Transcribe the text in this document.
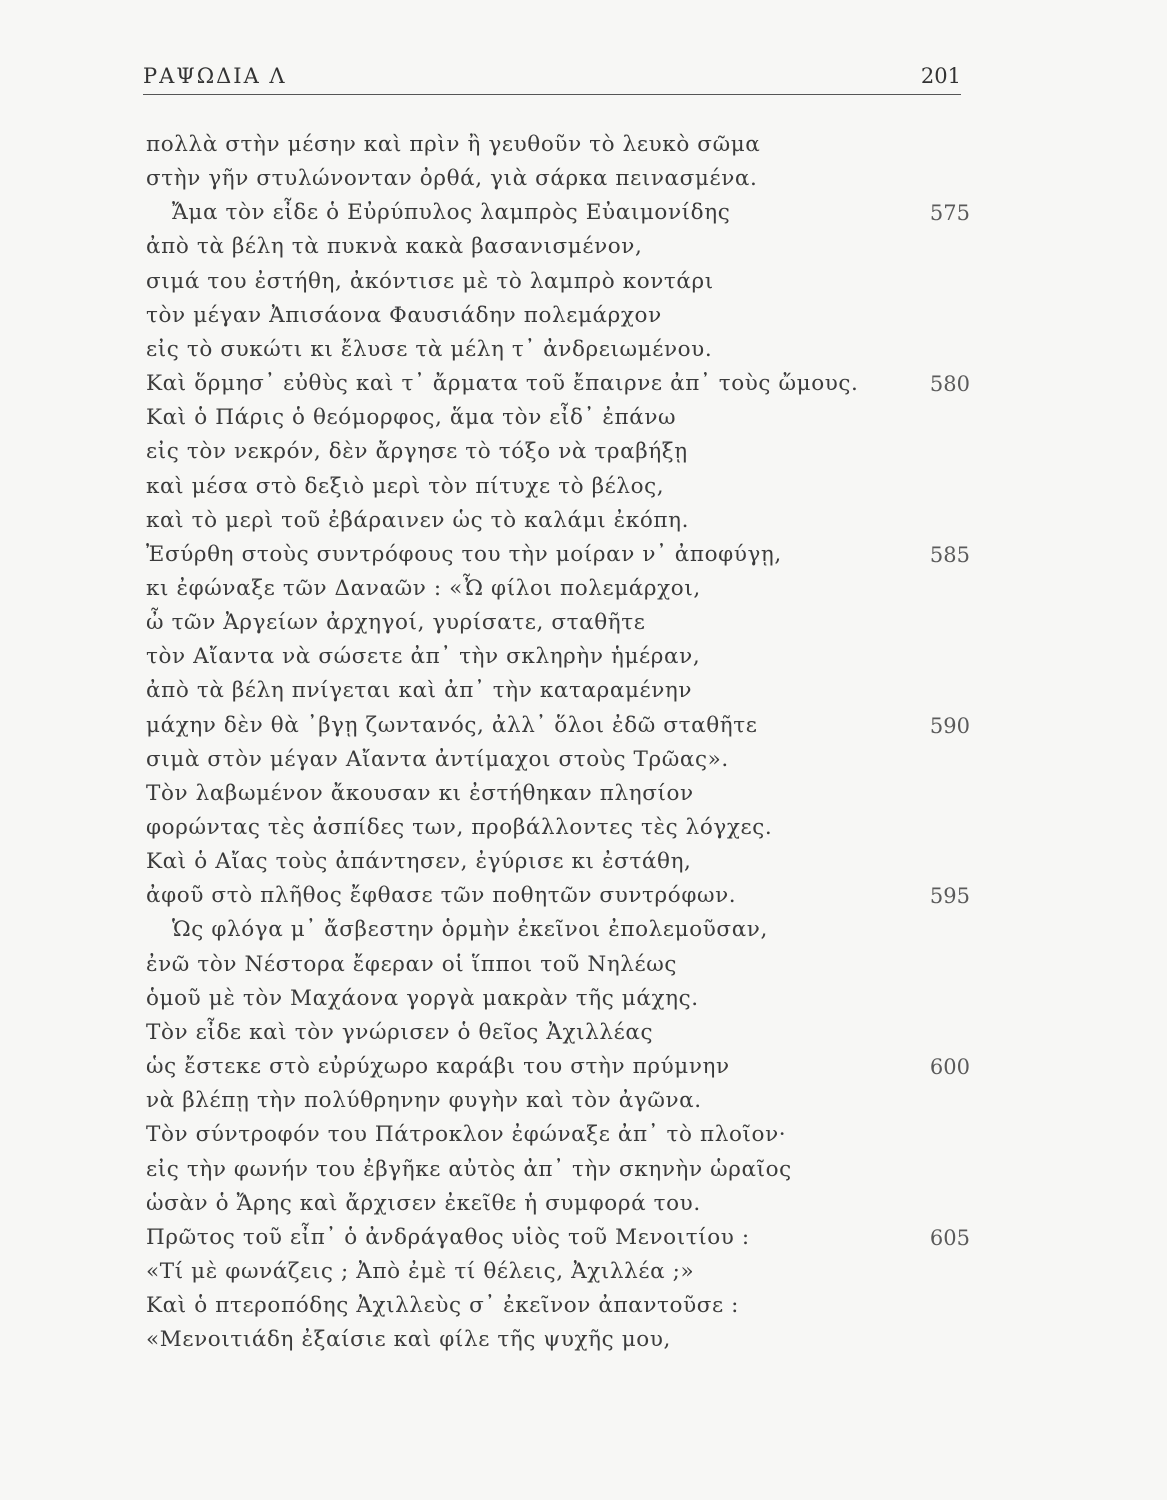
ΡΑΨΩΔΙΑ Λ	201
πολλὰ στὴν μέσην καὶ πρὶν ἢ γευθοῦν τὸ λευκὸ σῶμα
στὴν γῆν στυλώνονταν ὀρθά, γιὰ σάρκα πεινασμένα.
Ἄμα τὸν εἶδε ὁ Εὐρύπυλος λαμπρὸς Εὐαιμονίδης	575
ἀπὸ τὰ βέλη τὰ πυκνὰ κακὰ βασανισμένον,
σιμά του ἐστήθη, ἀκόντισε μὲ τὸ λαμπρὸ κοντάρι
τὸν μέγαν Ἀπισάονα Φαυσιάδην πολεμάρχον
εἰς τὸ συκώτι κι ἔλυσε τὰ μέλη τ᾽ ἀνδρειωμένου.
Καὶ ὅρμησ᾽ εὐθὺς καὶ τ᾽ ἄρματα τοῦ ἔπαιρνε ἀπ᾽ τοὺς ὤμους.	580
Καὶ ὁ Πάρις ὁ θεόμορφος, ἅμα τὸν εἶδ᾽ ἐπάνω
εἰς τὸν νεκρόν, δὲν ἄργησε τὸ τόξο νὰ τραβήξῃ
καὶ μέσα στὸ δεξιὸ μερὶ τὸν πίτυχε τὸ βέλος,
καὶ τὸ μερὶ τοῦ ἐβάραινεν ὡς τὸ καλάμι ἐκόπη.
Ἐσύρθη στοὺς συντρόφους του τὴν μοίραν ν᾽ ἀποφύγῃ,	585
κι ἐφώναξε τῶν Δαναῶν : «Ὦ φίλοι πολεμάρχοι,
ὦ τῶν Ἀργείων ἀρχηγοί, γυρίσατε, σταθῆτε
τὸν Αἴαντα νὰ σώσετε ἀπ᾽ τὴν σκληρὴν ἡμέραν,
ἀπὸ τὰ βέλη πνίγεται καὶ ἀπ᾽ τὴν καταραμένην
μάχην δὲν θὰ ᾽βγῃ ζωντανός, ἀλλ᾽ ὅλοι ἐδῶ σταθῆτε	590
σιμὰ στὸν μέγαν Αἴαντα ἀντίμαχοι στοὺς Τρῶας».
Τὸν λαβωμένον ἄκουσαν κι ἐστήθηκαν πλησίον
φορώντας τὲς ἀσπίδες των, προβάλλοντες τὲς λόγχες.
Καὶ ὁ Αἴας τοὺς ἀπάντησεν, ἐγύρισε κι ἐστάθη,
ἀφοῦ στὸ πλῆθος ἔφθασε τῶν ποθητῶν συντρόφων.	595
Ὡς φλόγα μ᾽ ἄσβεστην ὁρμὴν ἐκεῖνοι ἐπολεμοῦσαν,
ἐνῶ τὸν Νέστορα ἔφεραν οἱ ἵπποι τοῦ Νηλέως
ὁμοῦ μὲ τὸν Μαχάονα γοργὰ μακρὰν τῆς μάχης.
Τὸν εἶδε καὶ τὸν γνώρισεν ὁ θεῖος Ἀχιλλέας
ὡς ἔστεκε στὸ εὐρύχωρο καράβι του στὴν πρύμνην	600
νὰ βλέπῃ τὴν πολύθρηνην φυγὴν καὶ τὸν ἀγῶνα.
Τὸν σύντροφόν του Πάτροκλον ἐφώναξε ἀπ᾽ τὸ πλοῖον·
εἰς τὴν φωνήν του ἐβγῆκε αὐτὸς ἀπ᾽ τὴν σκηνὴν ὡραῖος
ὡσὰν ὁ Ἄρης καὶ ἄρχισεν ἐκεῖθε ἡ συμφορά του.
Πρῶτος τοῦ εἶπ᾽ ὁ ἀνδράγαθος υἱὸς τοῦ Μενοιτίου :	605
«Τί μὲ φωνάζεις ; Ἀπὸ ἐμὲ τί θέλεις, Ἀχιλλέα ;»
Καὶ ὁ πτεροπόδης Ἀχιλλεὺς σ᾽ ἐκεῖνον ἀπαντοῦσε :
«Μενοιτιάδη ἐξαίσιε καὶ φίλε τῆς ψυχῆς μου,
